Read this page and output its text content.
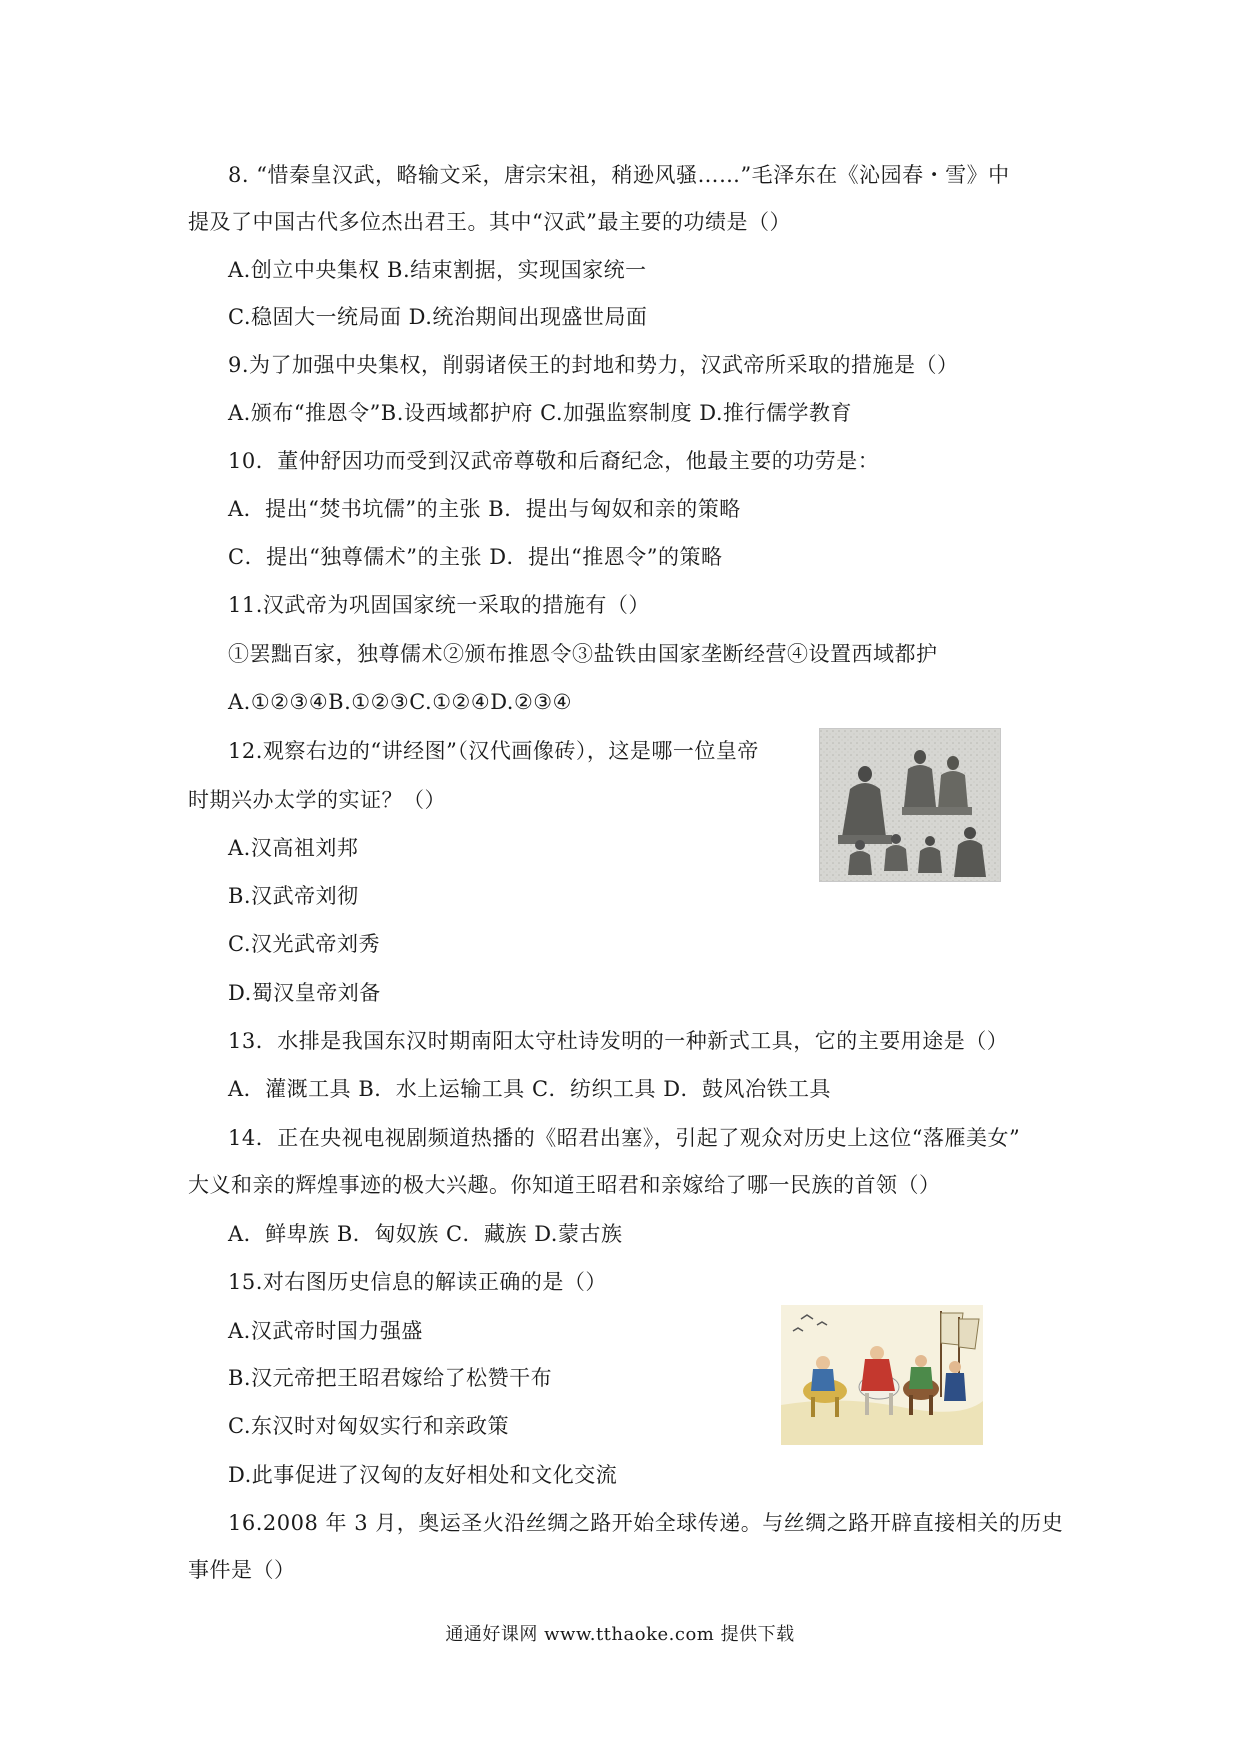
8. “惜秦皇汉武，略输文采，唐宗宋祖，稍逊风骚……”毛泽东在《沁园春・雪》中
提及了中国古代多位杰出君王。其中“汉武”最主要的功绩是（）
A.创立中央集权 B.结束割据，实现国家统一
C.稳固大一统局面 D.统治期间出现盛世局面
9.为了加强中央集权，削弱诸侯王的封地和势力，汉武帝所采取的措施是（）
A.颁布“推恩令”B.设西域都护府 C.加强监察制度 D.推行儒学教育
10．董仲舒因功而受到汉武帝尊敬和后裔纪念，他最主要的功劳是：
A．提出“焚书坑儒”的主张 B．提出与匈奴和亲的策略
C．提出“独尊儒术”的主张 D．提出“推恩令”的策略
11.汉武帝为巩固国家统一采取的措施有（）
①罢黜百家，独尊儒术②颁布推恩令③盐铁由国家垄断经营④设置西域都护
A.①②③④B.①②③C.①②④D.②③④
12.观察右边的“讲经图”（汉代画像砖），这是哪一位皇帝
时期兴办太学的实证？（）
A.汉高祖刘邦
B.汉武帝刘彻
C.汉光武帝刘秀
D.蜀汉皇帝刘备
13．水排是我国东汉时期南阳太守杜诗发明的一种新式工具，它的主要用途是（）
A．灌溉工具 B．水上运输工具 C．纺织工具 D．鼓风冶铁工具
14．正在央视电视剧频道热播的《昭君出塞》，引起了观众对历史上这位“落雁美女”
大义和亲的辉煌事迹的极大兴趣。你知道王昭君和亲嫁给了哪一民族的首领（）
A．鲜卑族 B．匈奴族 C．藏族 D.蒙古族
15.对右图历史信息的解读正确的是（）
A.汉武帝时国力强盛
B.汉元帝把王昭君嫁给了松赞干布
C.东汉时对匈奴实行和亲政策
D.此事促进了汉匈的友好相处和文化交流
16.2008 年 3 月，奥运圣火沿丝绸之路开始全球传递。与丝绸之路开辟直接相关的历史
事件是（）
通通好课网 www.tthaoke.com 提供下载
